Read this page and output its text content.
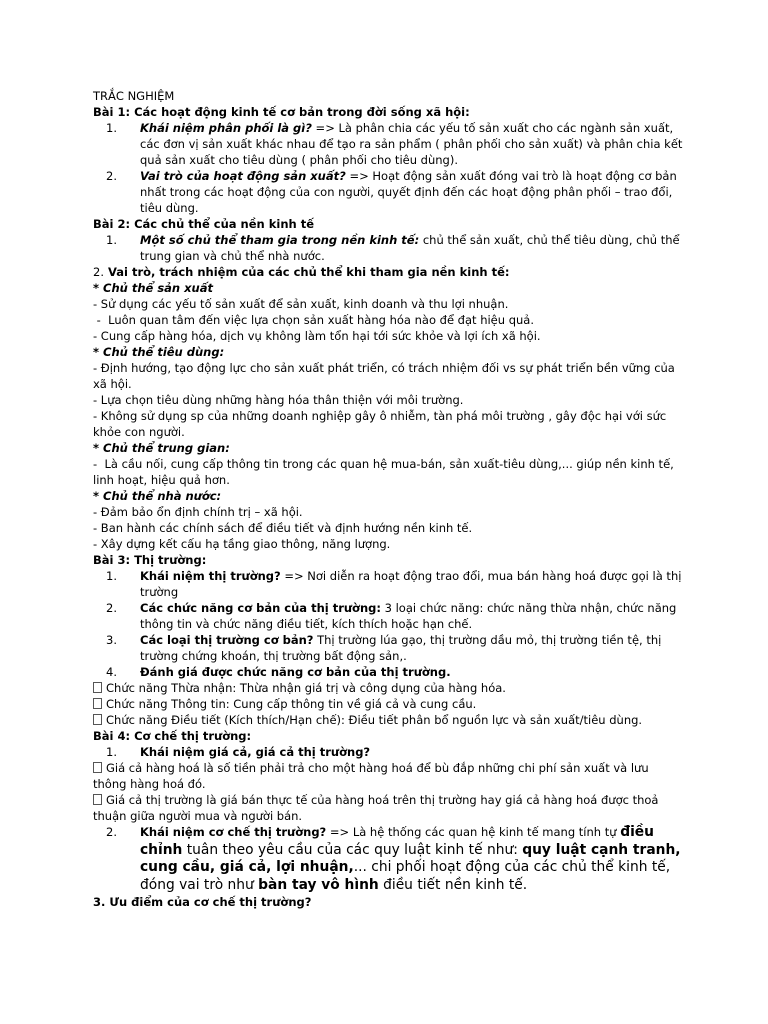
TRẮC NGHIỆM

Bài 1: Các hoạt động kinh tế cơ bản trong đời sống xã hội:

1.	Khái niệm phân phối là gì? => Là phân chia các yếu tố sản xuất cho các ngành sản xuất, các đơn vị sản xuất khác nhau để tạo ra sản phẩm ( phân phối cho sản xuất) và phân chia kết quả sản xuất cho tiêu dùng ( phân phối cho tiêu dùng).
2.	Vai trò của hoạt động sản xuất? => Hoạt động sản xuất đóng vai trò là hoạt động cơ bản nhất trong các hoạt động của con người, quyết định đến các hoạt động phân phối – trao đổi, tiêu dùng.

Bài 2: Các chủ thể của nền kinh tế

1.	Một số chủ thể tham gia trong nền kinh tế: chủ thể sản xuất, chủ thể tiêu dùng, chủ thể trung gian và chủ thể nhà nước.

2. Vai trò, trách nhiệm của các chủ thể khi tham gia nền kinh tế:

* Chủ thể sản xuất

- Sử dụng các yếu tố sản xuất để sản xuất, kinh doanh và thu lợi nhuận.

-  Luôn quan tâm đến việc lựa chọn sản xuất hàng hóa nào để đạt hiệu quả.

- Cung cấp hàng hóa, dịch vụ không làm tổn hại tới sức khỏe và lợi ích xã hội.

* Chủ thể tiêu dùng:

- Định hướng, tạo động lực cho sản xuất phát triển, có trách nhiệm đối vs sự phát triển bền vững của xã hội.

- Lựa chọn tiêu dùng những hàng hóa thân thiện với môi trường.

- Không sử dụng sp của những doanh nghiệp gây ô nhiễm, tàn phá môi trường , gây độc hại với sức khỏe con người.

* Chủ thể trung gian:

-  Là cầu nối, cung cấp thông tin trong các quan hệ mua-bán, sản xuất-tiêu dùng,... giúp nền kinh tế, linh hoạt, hiệu quả hơn.

* Chủ thể nhà nước:

- Đảm bảo ổn định chính trị – xã hội.

- Ban hành các chính sách để điều tiết và định hướng nền kinh tế.

- Xây dựng kết cấu hạ tầng giao thông, năng lượng.

Bài 3: Thị trường:

1.	Khái niệm thị trường? => Nơi diễn ra hoạt động trao đổi, mua bán hàng hoá được gọi là thị trường
2.	Các chức năng cơ bản của thị trường: 3 loại chức năng: chức năng thừa nhận, chức năng thông tin và chức năng điều tiết, kích thích hoặc hạn chế.
3.	Các loại thị trường cơ bản? Thị trường lúa gạo, thị trường dầu mỏ, thị trường tiền tệ, thị trường chứng khoán, thị trường bất động sản,.
4.	Đánh giá được chức năng cơ bản của thị trường.

Chức năng Thừa nhận: Thừa nhận giá trị và công dụng của hàng hóa.

Chức năng Thông tin: Cung cấp thông tin về giá cả và cung cầu.

Chức năng Điều tiết (Kích thích/Hạn chế): Điều tiết phân bổ nguồn lực và sản xuất/tiêu dùng.

Bài 4: Cơ chế thị trường:

1.	Khái niệm giá cả, giá cả thị trường?

Giá cả hàng hoá là số tiền phải trả cho một hàng hoá để bù đắp những chi phí sản xuất và lưu thông hàng hoá đó.

Giá cả thị trường là giá bán thực tế của hàng hoá trên thị trường hay giá cả hàng hoá được thoả thuận giữa người mua và người bán.

2.	Khái niệm cơ chế thị trường? => Là hệ thống các quan hệ kinh tế mang tính tự điều chỉnh tuân theo yêu cầu của các quy luật kinh tế như: quy luật cạnh tranh, cung cầu, giá cả, lợi nhuận,... chi phối hoạt động của các chủ thể kinh tế, đóng vai trò như bàn tay vô hình điều tiết nền kinh tế.

3. Ưu điểm của cơ chế thị trường?
